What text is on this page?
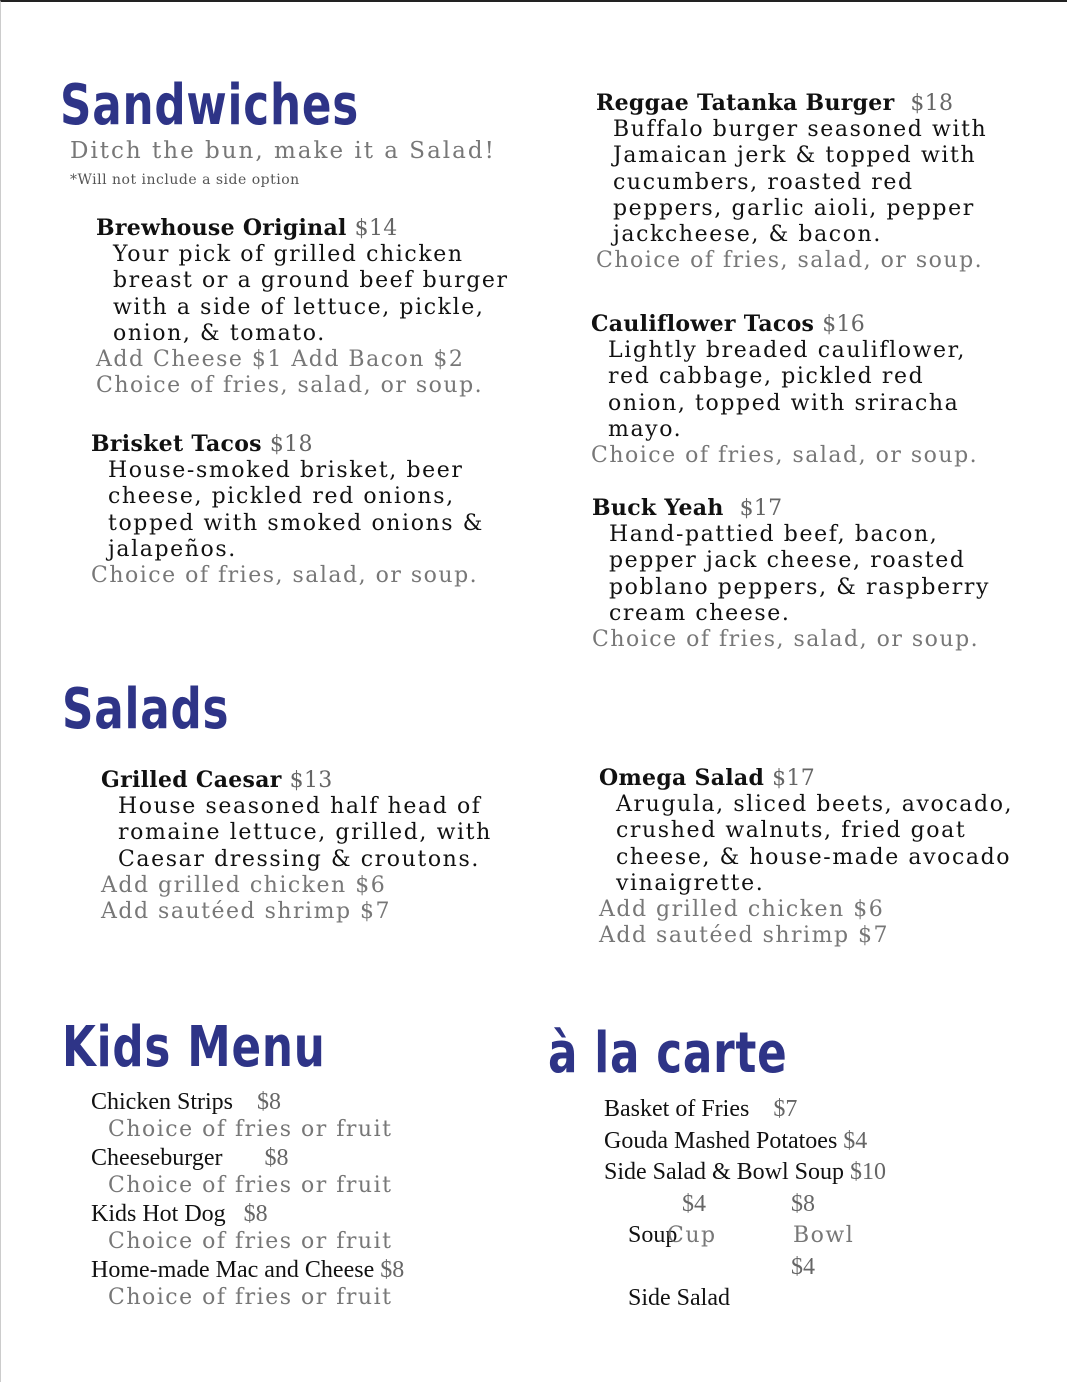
Sandwiches
Ditch the bun, make it a Salad!
*Will not include a side option
Brewhouse Original $14
Your pick of grilled chicken
breast or a ground beef burger
with a side of lettuce, pickle,
onion, & tomato.
Add Cheese $1 Add Bacon $2
Choice of fries, salad, or soup.
Brisket Tacos $18
House-smoked brisket, beer
cheese, pickled red onions,
topped with smoked onions &
jalapeños.
Choice of fries, salad, or soup.
Reggae Tatanka Burger $18
Buffalo burger seasoned with
Jamaican jerk & topped with
cucumbers, roasted red
peppers, garlic aioli, pepper
jackcheese, & bacon.
Choice of fries, salad, or soup.
Cauliflower Tacos $16
Lightly breaded cauliflower,
red cabbage, pickled red
onion, topped with sriracha
mayo.
Choice of fries, salad, or soup.
Buck Yeah $17
Hand-pattied beef, bacon,
pepper jack cheese, roasted
poblano peppers, & raspberry
cream cheese.
Choice of fries, salad, or soup.
Salads
Grilled Caesar $13
House seasoned half head of
romaine lettuce, grilled, with
Caesar dressing & croutons.
Add grilled chicken $6
Add sautéed shrimp $7
Omega Salad $17
Arugula, sliced beets, avocado,
crushed walnuts, fried goat
cheese, & house-made avocado
vinaigrette.
Add grilled chicken $6
Add sautéed shrimp $7
Kids Menu
Chicken Strips $8
Choice of fries or fruit
Cheeseburger $8
Choice of fries or fruit
Kids Hot Dog $8
Choice of fries or fruit
Home-made Mac and Cheese $8
Choice of fries or fruit
à la carte
Basket of Fries $7
Gouda Mashed Potatoes $4
Side Salad & Bowl Soup $10

Soup

$4

	$8

Cup

	Bowl

Side Salad

$4
